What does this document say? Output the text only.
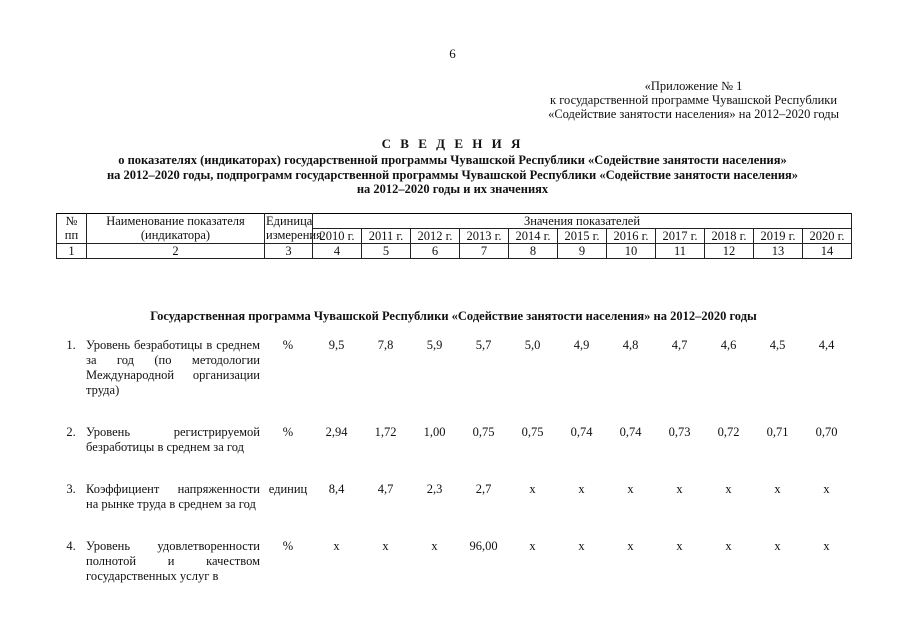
6
«Приложение № 1
к государственной программе Чувашской Республики
«Содействие занятости населения» на 2012–2020 годы
С В Е Д Е Н И Я
о показателях (индикаторах) государственной программы Чувашской Республики «Содействие занятости населения»
на 2012–2020 годы, подпрограмм государственной программы Чувашской Республики «Содействие занятости населения»
на 2012–2020 годы и их значениях
№ пп	Наименование показателя (индикатора)	Единица измерения	Значения показателей										
			2010 г.	2011 г.	2012 г.	2013 г.	2014 г.	2015 г.	2016 г.	2017 г.	2018 г.	2019 г.	2020 г.
1	2	3	4	5	6	7	8	9	10	11	12	13	14
Государственная программа Чувашской Республики «Содействие занятости населения» на 2012–2020 годы
1.	Уровень безработицы в среднем за год (по методологии Международной организации труда)	%	9,5	7,8	5,9	5,7	5,0	4,9	4,8	4,7	4,6	4,5	4,4
2.	Уровень регистрируемой безработицы в среднем за год	%	2,94	1,72	1,00	0,75	0,75	0,74	0,74	0,73	0,72	0,71	0,70
3.	Коэффициент напряженности на рынке труда в среднем за год	единиц	8,4	4,7	2,3	2,7	х	х	х	х	х	х	х
4.	Уровень удовлетворенности полнотой и качеством государственных услуг в	%	х	х	х	96,00	х	х	х	х	х	х	х
